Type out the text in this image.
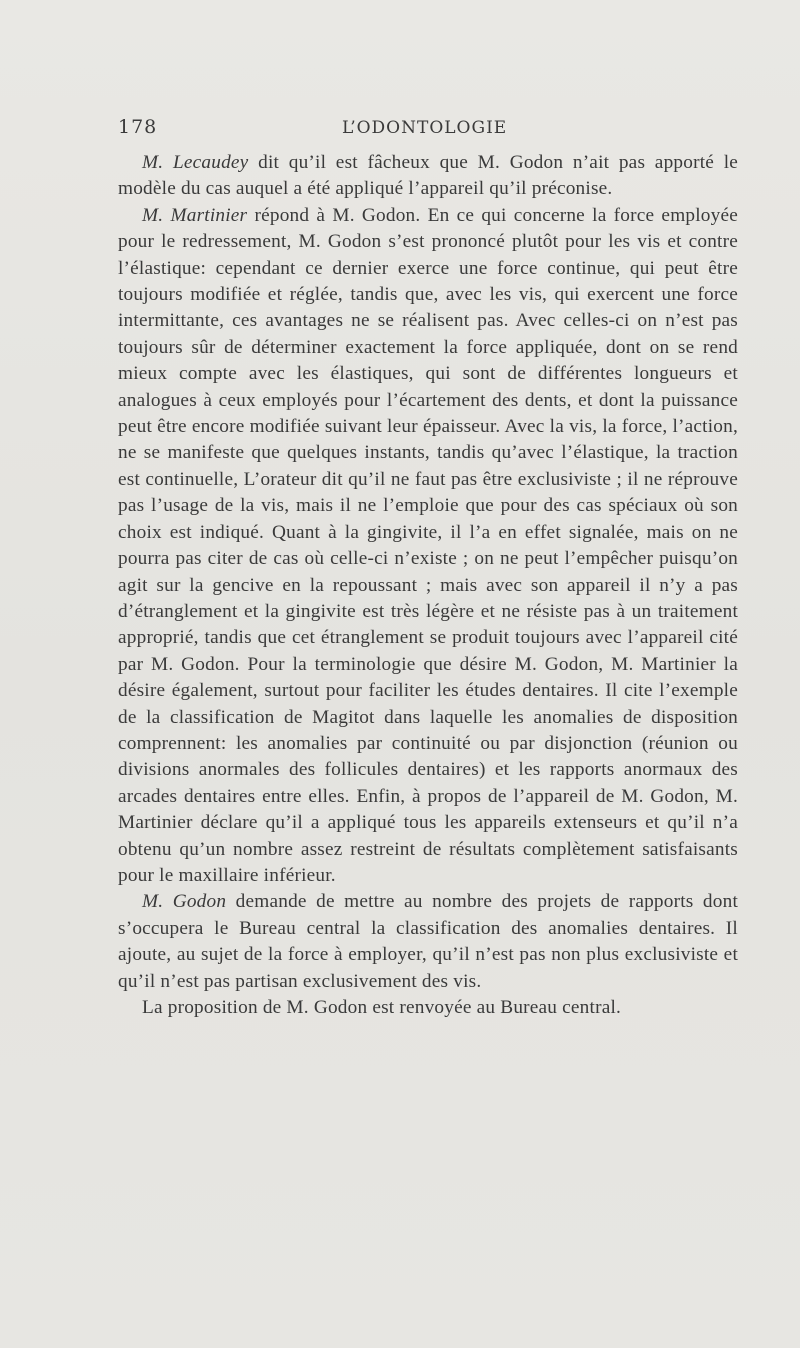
178	L’ODONTOLOGIE

M. Lecaudey dit qu’il est fâcheux que M. Godon n’ait pas apporté le modèle du cas auquel a été appliqué l’appareil qu’il préconise.

M. Martinier répond à M. Godon. En ce qui concerne la force employée pour le redressement, M. Godon s’est prononcé plutôt pour les vis et contre l’élastique: cependant ce dernier exerce une force continue, qui peut être toujours modifiée et réglée, tandis que, avec les vis, qui exercent une force intermittante, ces avantages ne se réalisent pas. Avec celles-ci on n’est pas toujours sûr de déterminer exactement la force appliquée, dont on se rend mieux compte avec les élastiques, qui sont de différentes longueurs et analogues à ceux employés pour l’écartement des dents, et dont la puissance peut être encore modifiée suivant leur épaisseur. Avec la vis, la force, l’action, ne se manifeste que quelques instants, tandis qu’avec l’élastique, la traction est continuelle, L’orateur dit qu’il ne faut pas être exclusiviste ; il ne réprouve pas l’usage de la vis, mais il ne l’emploie que pour des cas spéciaux où son choix est indiqué. Quant à la gingivite, il l’a en effet signalée, mais on ne pourra pas citer de cas où celle-ci n’existe ; on ne peut l’empêcher puisqu’on agit sur la gencive en la repoussant ; mais avec son appareil il n’y a pas d’étranglement et la gingivite est très légère et ne résiste pas à un traitement approprié, tandis que cet étranglement se produit toujours avec l’appareil cité par M. Godon. Pour la terminologie que désire M. Godon, M. Martinier la désire également, surtout pour faciliter les études dentaires. Il cite l’exemple de la classification de Magitot dans laquelle les anomalies de disposition comprennent: les anomalies par continuité ou par disjonction (réunion ou divisions anormales des follicules dentaires) et les rapports anormaux des arcades dentaires entre elles. Enfin, à propos de l’appareil de M. Godon, M. Martinier déclare qu’il a appliqué tous les appareils extenseurs et qu’il n’a obtenu qu’un nombre assez restreint de résultats complètement satisfaisants pour le maxillaire inférieur.

M. Godon demande de mettre au nombre des projets de rapports dont s’occupera le Bureau central la classification des anomalies dentaires. Il ajoute, au sujet de la force à employer, qu’il n’est pas non plus exclusiviste et qu’il n’est pas partisan exclusivement des vis.

La proposition de M. Godon est renvoyée au Bureau central.
